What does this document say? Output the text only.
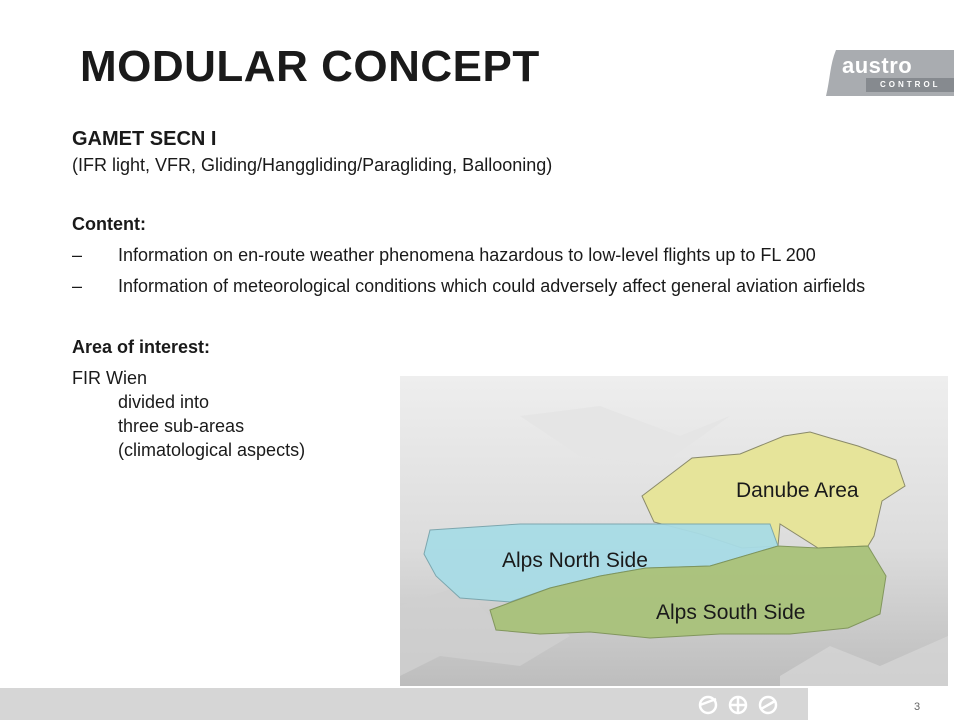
MODULAR CONCEPT	austro
CONTROL

GAMET SECN I

(IFR light, VFR, Gliding/Hanggliding/Paragliding, Ballooning)

Content:

–	Information on en-route weather phenomena hazardous to low-level flights up to FL 200
–	Information of meteorological conditions which could adversely affect general aviation airfields

Area of interest:

FIR Wien
divided into
three sub-areas
(climatological aspects)
Danube Area
Alps North Side
Alps South Side
3
